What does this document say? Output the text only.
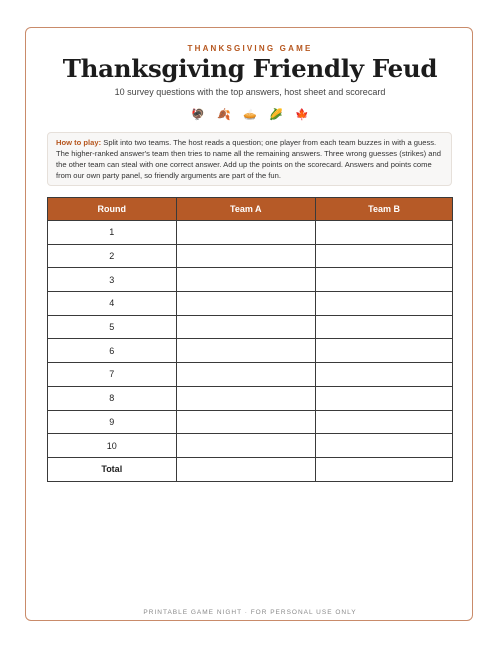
THANKSGIVING GAME
Thanksgiving Friendly Feud
10 survey questions with the top answers, host sheet and scorecard
🦃 🍂 🥧 🌽 🍁
How to play: Split into two teams. The host reads a question; one player from each team buzzes in with a guess. The higher-ranked answer's team then tries to name all the remaining answers. Three wrong guesses (strikes) and the other team can steal with one correct answer. Add up the points on the scorecard. Answers and points come from our own party panel, so friendly arguments are part of the fun.
Round	Team A	Team B
1		
2		
3		
4		
5		
6		
7		
8		
9		
10		
Total		
PRINTABLE GAME NIGHT · FOR PERSONAL USE ONLY
